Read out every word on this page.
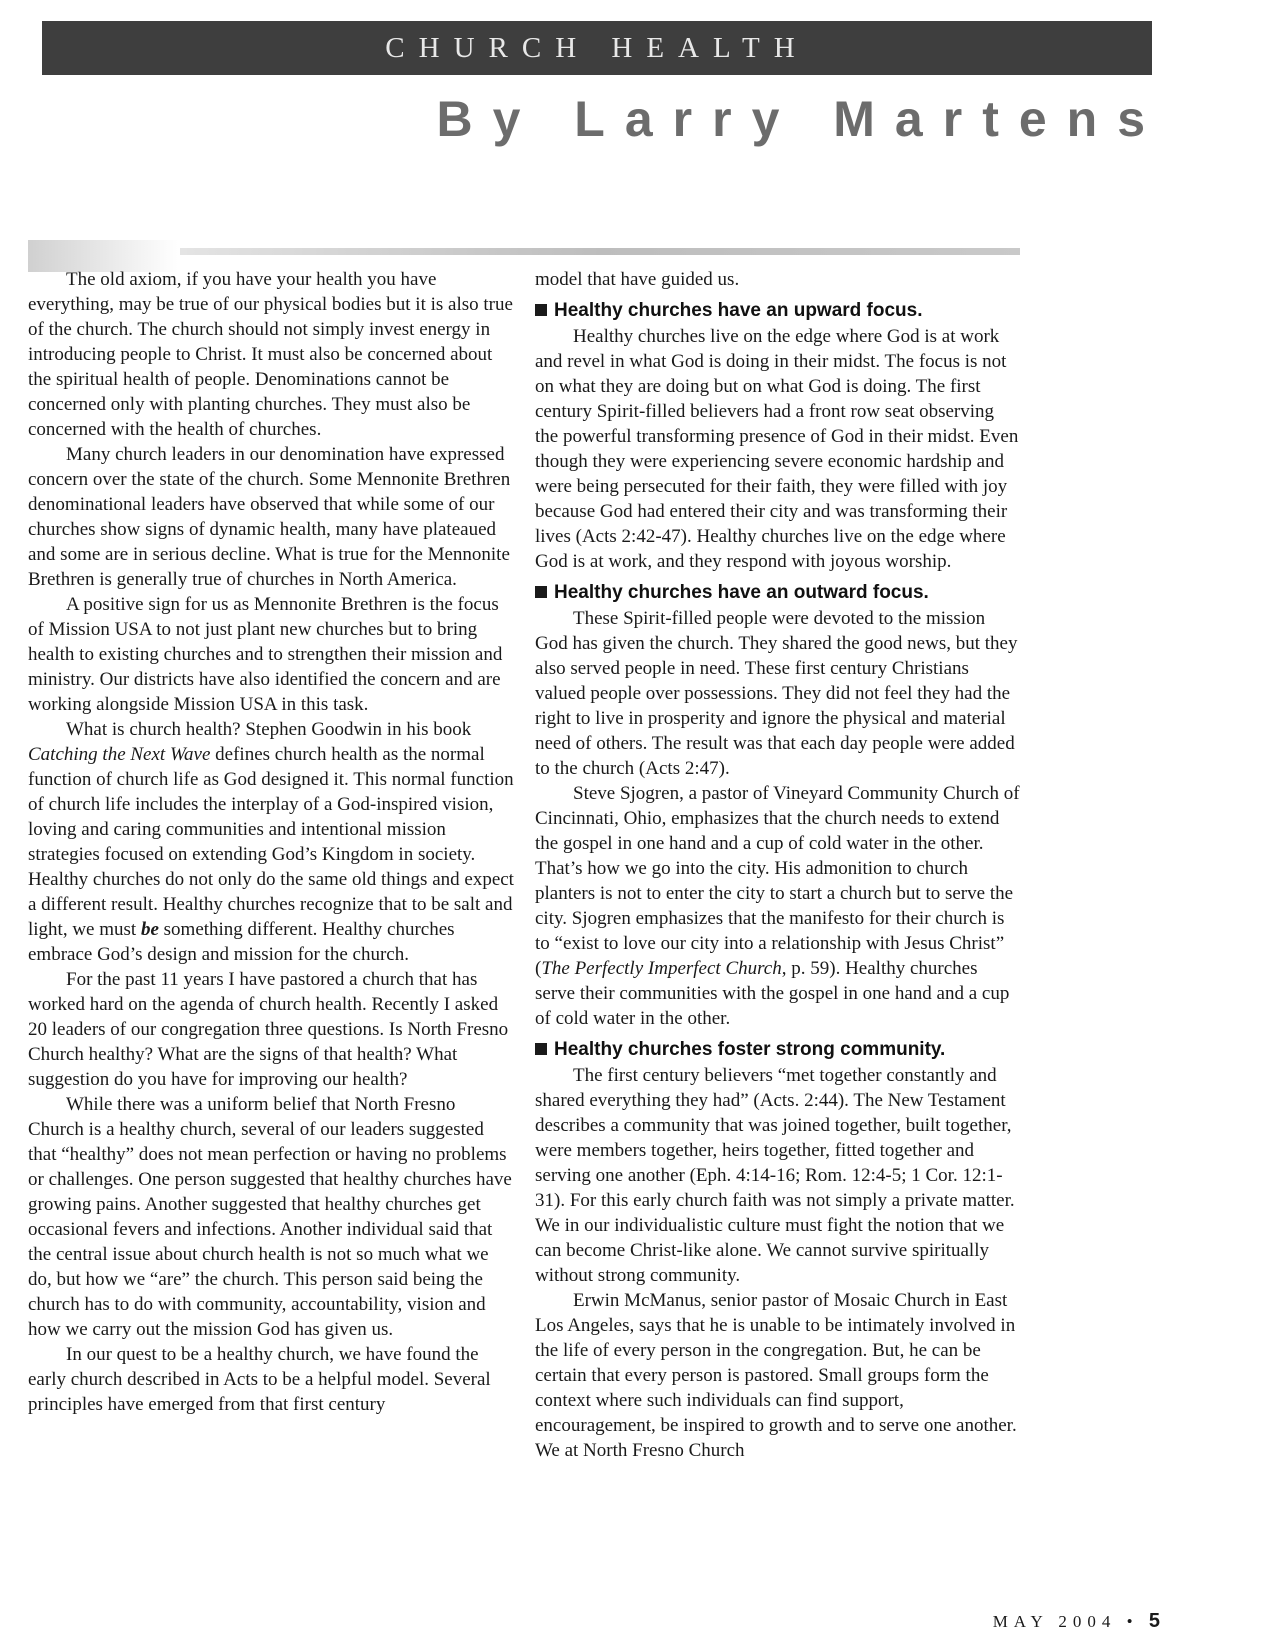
CHURCH HEALTH
By Larry Martens

The old axiom, if you have your health you have everything, may be true of our physical bodies but it is also true of the church. The church should not simply invest energy in introducing people to Christ. It must also be concerned about the spiritual health of people. Denominations cannot be concerned only with planting churches. They must also be concerned with the health of churches.

Many church leaders in our denomination have expressed concern over the state of the church. Some Mennonite Brethren denominational leaders have observed that while some of our churches show signs of dynamic health, many have plateaued and some are in serious decline. What is true for the Mennonite Brethren is generally true of churches in North America.

A positive sign for us as Mennonite Brethren is the focus of Mission USA to not just plant new churches but to bring health to existing churches and to strengthen their mission and ministry. Our districts have also identified the concern and are working alongside Mission USA in this task.

What is church health? Stephen Goodwin in his book Catching the Next Wave defines church health as the normal function of church life as God designed it. This normal function of church life includes the interplay of a God-inspired vision, loving and caring communities and intentional mission strategies focused on extending God’s Kingdom in society. Healthy churches do not only do the same old things and expect a different result. Healthy churches recognize that to be salt and light, we must be something different. Healthy churches embrace God’s design and mission for the church.

For the past 11 years I have pastored a church that has worked hard on the agenda of church health. Recently I asked 20 leaders of our congregation three questions. Is North Fresno Church healthy? What are the signs of that health? What suggestion do you have for improving our health?

While there was a uniform belief that North Fresno Church is a healthy church, several of our leaders suggested that “healthy” does not mean perfection or having no problems or challenges. One person suggested that healthy churches have growing pains. Another suggested that healthy churches get occasional fevers and infections. Another individual said that the central issue about church health is not so much what we do, but how we “are” the church. This person said being the church has to do with community, accountability, vision and how we carry out the mission God has given us.

In our quest to be a healthy church, we have found the early church described in Acts to be a helpful model. Several principles have emerged from that first century

model that have guided us.

Healthy churches have an upward focus.

Healthy churches live on the edge where God is at work and revel in what God is doing in their midst. The focus is not on what they are doing but on what God is doing. The first century Spirit-filled believers had a front row seat observing the powerful transforming presence of God in their midst. Even though they were experiencing severe economic hardship and were being persecuted for their faith, they were filled with joy because God had entered their city and was transforming their lives (Acts 2:42-47). Healthy churches live on the edge where God is at work, and they respond with joyous worship.

Healthy churches have an outward focus.

These Spirit-filled people were devoted to the mission God has given the church. They shared the good news, but they also served people in need. These first century Christians valued people over possessions. They did not feel they had the right to live in prosperity and ignore the physical and material need of others. The result was that each day people were added to the church (Acts 2:47).

Steve Sjogren, a pastor of Vineyard Community Church of Cincinnati, Ohio, emphasizes that the church needs to extend the gospel in one hand and a cup of cold water in the other. That’s how we go into the city. His admonition to church planters is not to enter the city to start a church but to serve the city. Sjogren emphasizes that the manifesto for their church is to “exist to love our city into a relationship with Jesus Christ” (The Perfectly Imperfect Church, p. 59). Healthy churches serve their communities with the gospel in one hand and a cup of cold water in the other.

Healthy churches foster strong community.

The first century believers “met together constantly and shared everything they had” (Acts. 2:44). The New Testament describes a community that was joined together, built together, were members together, heirs together, fitted together and serving one another (Eph. 4:14-16; Rom. 12:4-5; 1 Cor. 12:1-31). For this early church faith was not simply a private matter. We in our individualistic culture must fight the notion that we can become Christ-like alone. We cannot survive spiritually without strong community.

Erwin McManus, senior pastor of Mosaic Church in East Los Angeles, says that he is unable to be intimately involved in the life of every person in the congregation. But, he can be certain that every person is pastored. Small groups form the context where such individuals can find support, encouragement, be inspired to growth and to serve one another. We at North Fresno Church

MAY 2004 • 5
